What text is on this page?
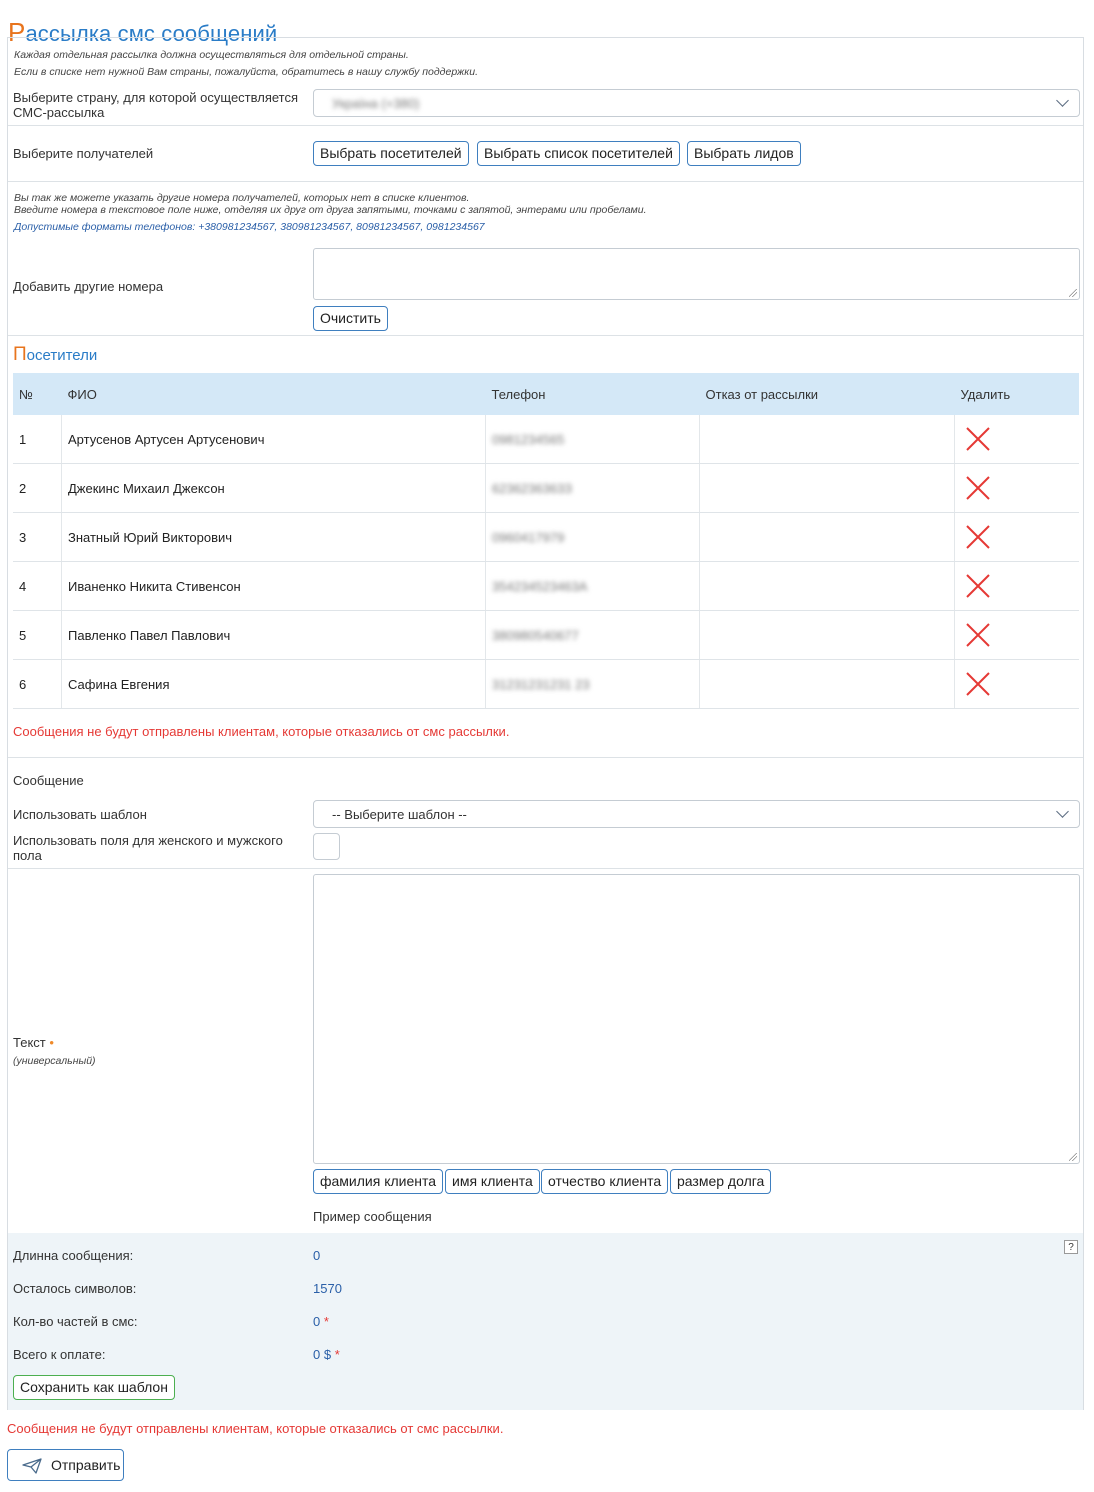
Рассылка смс сообщений
Каждая отдельная рассылка должна осуществляться для отдельной страны.
Если в списке нет нужной Вам страны, пожалуйста, обратитесь в нашу службу поддержки.
Выберите страну, для которой осуществляется СМС-рассылка
Україна (+380)
Выберите получателей	Выбрать посетителей	Выбрать список посетителей	Выбрать лидов
Вы так же можете указать другие номера получателей, которых нет в списке клиентов.
Введите номера в текстовое поле ниже, отделяя их друг от друга запятыми, точками с запятой, энтерами или пробелами.
Допустимые форматы телефонов: +380981234567, 380981234567, 80981234567, 0981234567
Добавить другие номера
Очистить
Посетители
№	ФИО	Телефон	Отказ от рассылки	Удалить
1	Артусенов Артусен Артусенович	0981234565		

2	Джекинс Михаил Джексон	6236236363З		

3	Знатный Юрий Викторович	0960417979		

4	Иваненко Никита Стивенсон	354234523463А		

5	Павленко Павел Павлович	380980540677		

6	Сафина Евгения	31231231231 23		
Сообщения не будут отправлены клиентам, которые отказались от смс рассылки.
Сообщение
Использовать шаблон	-- Выберите шаблон --
Использовать поля для женского и мужского пола
Текст •
(универсальный)
фамилия клиента	имя клиента	отчество клиента	размер долга
Пример сообщения
?
Длинна сообщения:	0
Осталось символов:	1570
Кол-во частей в смс:	0 *
Всего к оплате:	0 $ *
Сохранить как шаблон
Сообщения не будут отправлены клиентам, которые отказались от смс рассылки.
Отправить
